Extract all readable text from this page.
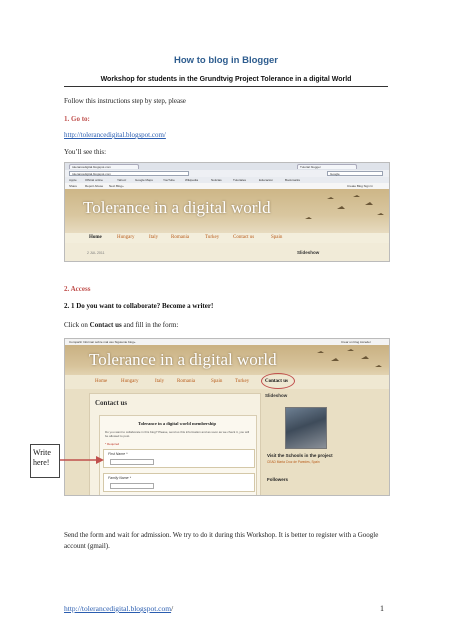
How to blog in Blogger
Workshop for students in the Grundtvig Project Tolerance in a digital World
Follow this instructions step by step, please
1. Go to:
http://tolerancedigital.blogspot.com/
You’ll see this:
tolerancedigital.blogspot.com	Tutorial blogger
tolerancedigital.blogspot.com	Google
Apple	Official online	Yahoo!	Google Maps	YouTube	Wikipedia	Noticias	Tutoriales	Educacion	Bookmarks
Share	Report Abuse Next Blog»	Create Blog Sign In
Tolerance in a digital world
Home	Hungary	Italy	Romania	Turkey	Contact us	Spain
2 JUL 2011	Slideshow
2. Access
2. 1 Do you want to collaborate? Become a writer!
Click on Contact us and fill in the form:
Compartir Informar sobre mal uso Siguiente blog»	Crear un blog Acceder
Tolerance in a digital world
Home	Hungary	Italy	Romania	Spain	Turkey	Contact us
Contact us
Tolerance in a digital world membership
Do you want to collaborate in this blog? Please, send us this information and as soon as we check it, you will be allowed to post.
* Required
First Name *
Family Name *
Slideshow
Visit the Schools in the project
CEAD Marta Cruz de Paredes, Spain
Followers
Write here!
Send the form and wait for admission. We try to do it during this Workshop. It is better to register with a Google account (gmail).
http://tolerancedigital.blogspot.com/	1
